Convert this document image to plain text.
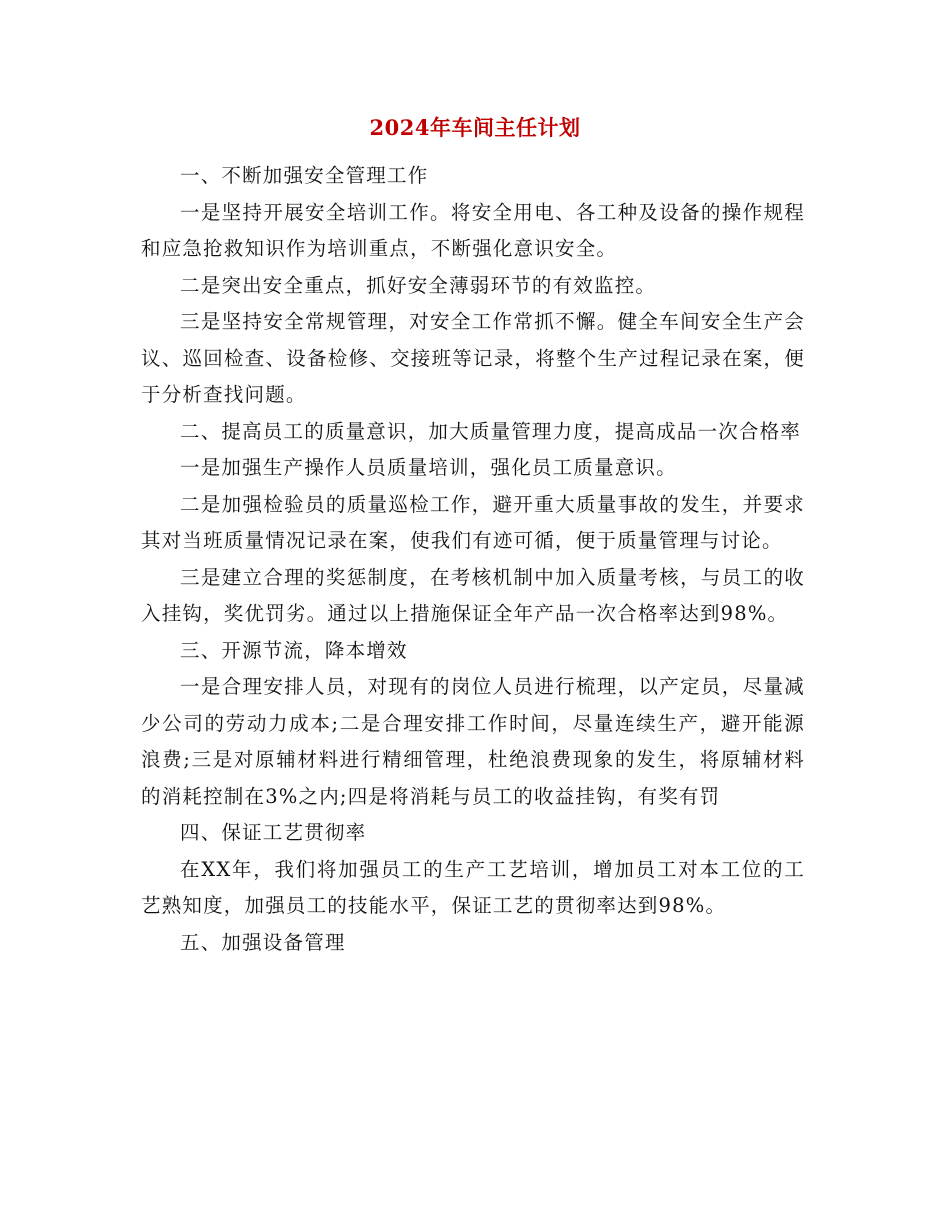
2024年车间主任计划

一、不断加强安全管理工作

一是坚持开展安全培训工作。将安全用电、各工种及设备的操作规程和应急抢救知识作为培训重点，不断强化意识安全。

二是突出安全重点，抓好安全薄弱环节的有效监控。

三是坚持安全常规管理，对安全工作常抓不懈。健全车间安全生产会议、巡回检查、设备检修、交接班等记录，将整个生产过程记录在案，便于分析查找问题。

二、提高员工的质量意识，加大质量管理力度，提高成品一次合格率

一是加强生产操作人员质量培训，强化员工质量意识。

二是加强检验员的质量巡检工作，避开重大质量事故的发生，并要求其对当班质量情况记录在案，使我们有迹可循，便于质量管理与讨论。

三是建立合理的奖惩制度，在考核机制中加入质量考核，与员工的收入挂钩，奖优罚劣。通过以上措施保证全年产品一次合格率达到98%。

三、开源节流，降本增效

一是合理安排人员，对现有的岗位人员进行梳理，以产定员，尽量减少公司的劳动力成本;二是合理安排工作时间，尽量连续生产，避开能源浪费;三是对原辅材料进行精细管理，杜绝浪费现象的发生，将原辅材料的消耗控制在3%之内;四是将消耗与员工的收益挂钩，有奖有罚

四、保证工艺贯彻率

在XX年，我们将加强员工的生产工艺培训，增加员工对本工位的工艺熟知度，加强员工的技能水平，保证工艺的贯彻率达到98%。

五、加强设备管理
